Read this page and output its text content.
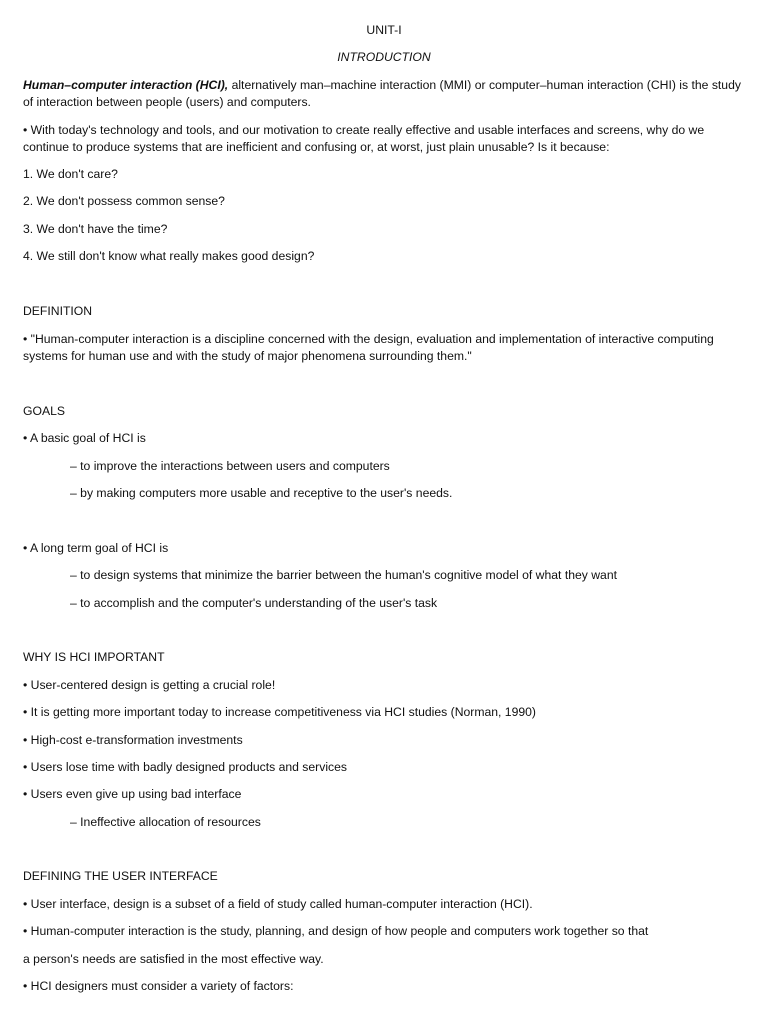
UNIT-I
INTRODUCTION
Human–computer interaction (HCI), alternatively man–machine interaction (MMI) or computer–human interaction (CHI) is the study of interaction between people (users) and computers.
• With today's technology and tools, and our motivation to create really effective and usable interfaces and screens, why do we continue to produce systems that are inefficient and confusing or, at worst, just plain unusable? Is it because:
1. We don't care?
2. We don't possess common sense?
3. We don't have the time?
4. We still don't know what really makes good design?
DEFINITION
• "Human-computer interaction is a discipline concerned with the design, evaluation and implementation of interactive computing systems for human use and with the study of major phenomena surrounding them."
GOALS
• A basic goal of HCI is
– to improve the interactions between users and computers
– by making computers more usable and receptive to the user's needs.
• A long term goal of HCI is
– to design systems that minimize the barrier between the human's cognitive model of what they want
– to accomplish and the computer's understanding of the user's task
WHY IS HCI IMPORTANT
• User-centered design is getting a crucial role!
• It is getting more important today to increase competitiveness via HCI studies (Norman, 1990)
• High-cost e-transformation investments
• Users lose time with badly designed products and services
• Users even give up using bad interface
– Ineffective allocation of resources
DEFINING THE USER INTERFACE
• User interface, design is a subset of a field of study called human-computer interaction (HCI).
• Human-computer interaction is the study, planning, and design of how people and computers work together so that
a person's needs are satisfied in the most effective way.
• HCI designers must consider a variety of factors:
